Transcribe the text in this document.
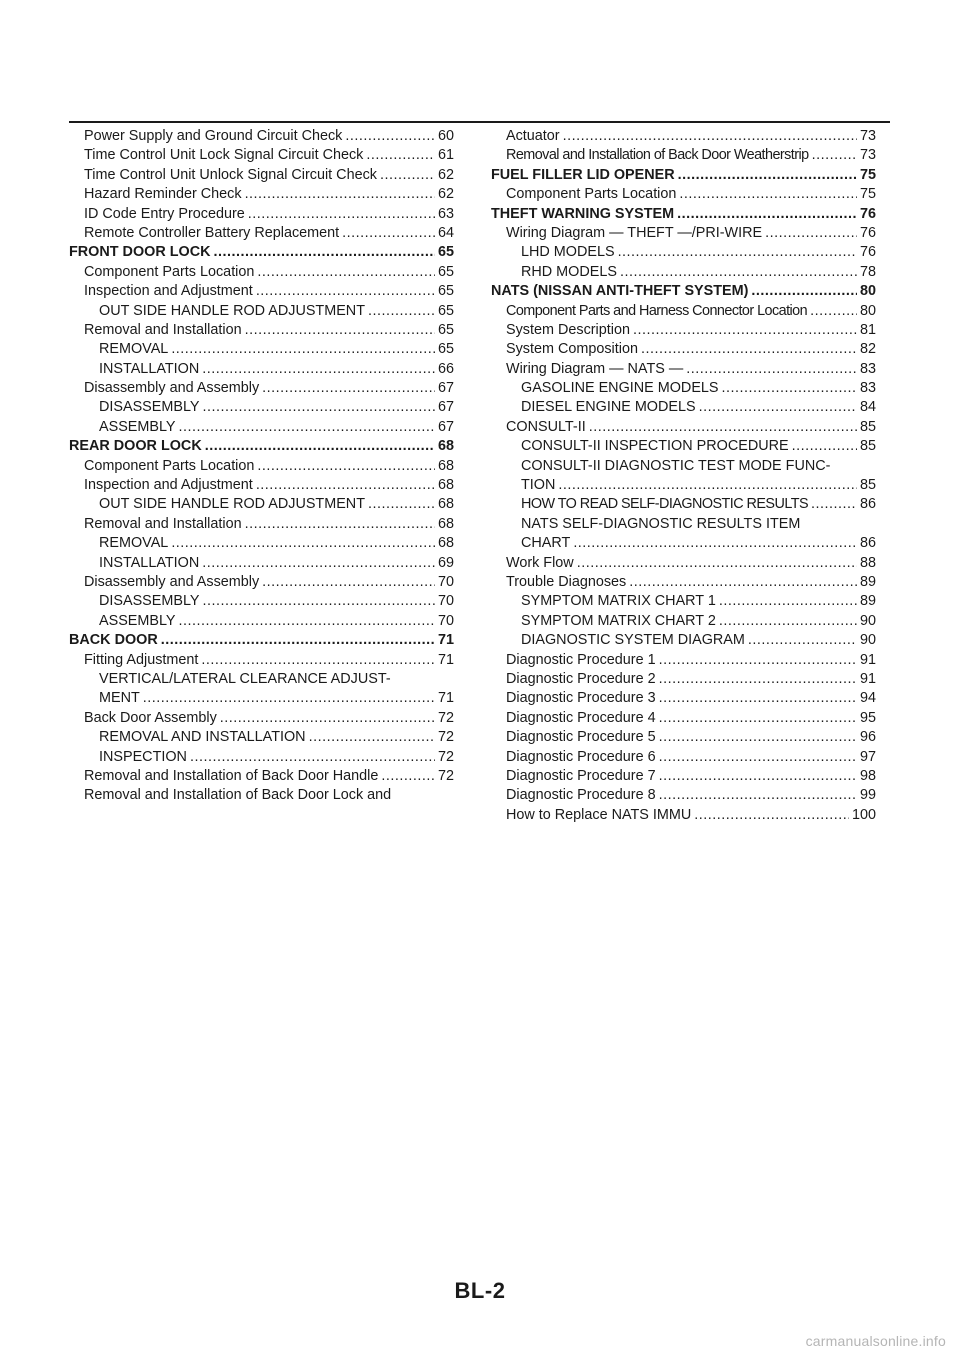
Power Supply and Ground Circuit Check .....	60
Time Control Unit Lock Signal Circuit Check .....	61
Time Control Unit Unlock Signal Circuit Check .....	62
Hazard Reminder Check .....	62
ID Code Entry Procedure .....	63
Remote Controller Battery Replacement .....	64
FRONT DOOR LOCK .....	65
Component Parts Location .....	65
Inspection and Adjustment .....	65
OUT SIDE HANDLE ROD ADJUSTMENT .....	65
Removal and Installation .....	65
REMOVAL .....	65
INSTALLATION .....	66
Disassembly and Assembly .....	67
DISASSEMBLY .....	67
ASSEMBLY .....	67
REAR DOOR LOCK .....	68
Component Parts Location .....	68
Inspection and Adjustment .....	68
OUT SIDE HANDLE ROD ADJUSTMENT .....	68
Removal and Installation .....	68
REMOVAL .....	68
INSTALLATION .....	69
Disassembly and Assembly .....	70
DISASSEMBLY .....	70
ASSEMBLY .....	70
BACK DOOR .....	71
Fitting Adjustment .....	71
VERTICAL/LATERAL CLEARANCE ADJUST-
MENT .....	71
Back Door Assembly .....	72
REMOVAL AND INSTALLATION .....	72
INSPECTION .....	72
Removal and Installation of Back Door Handle .....	72
Removal and Installation of Back Door Lock and
Actuator .....	73
Removal and Installation of Back Door Weatherstrip .....	73
FUEL FILLER LID OPENER .....	75
Component Parts Location .....	75
THEFT WARNING SYSTEM .....	76
Wiring Diagram — THEFT —/PRI-WIRE .....	76
LHD MODELS .....	76
RHD MODELS .....	78
NATS (NISSAN ANTI-THEFT SYSTEM) .....	80
Component Parts and Harness Connector Location .....	80
System Description .....	81
System Composition .....	82
Wiring Diagram — NATS — .....	83
GASOLINE ENGINE MODELS .....	83
DIESEL ENGINE MODELS .....	84
CONSULT-II .....	85
CONSULT-II INSPECTION PROCEDURE .....	85
CONSULT-II DIAGNOSTIC TEST MODE FUNC-
TION .....	85
HOW TO READ SELF-DIAGNOSTIC RESULTS .....	86
NATS SELF-DIAGNOSTIC RESULTS ITEM
CHART .....	86
Work Flow .....	88
Trouble Diagnoses .....	89
SYMPTOM MATRIX CHART 1 .....	89
SYMPTOM MATRIX CHART 2 .....	90
DIAGNOSTIC SYSTEM DIAGRAM .....	90
Diagnostic Procedure 1 .....	91
Diagnostic Procedure 2 .....	91
Diagnostic Procedure 3 .....	94
Diagnostic Procedure 4 .....	95
Diagnostic Procedure 5 .....	96
Diagnostic Procedure 6 .....	97
Diagnostic Procedure 7 .....	98
Diagnostic Procedure 8 .....	99
How to Replace NATS IMMU .....	100
BL-2
carmanualsonline.info
